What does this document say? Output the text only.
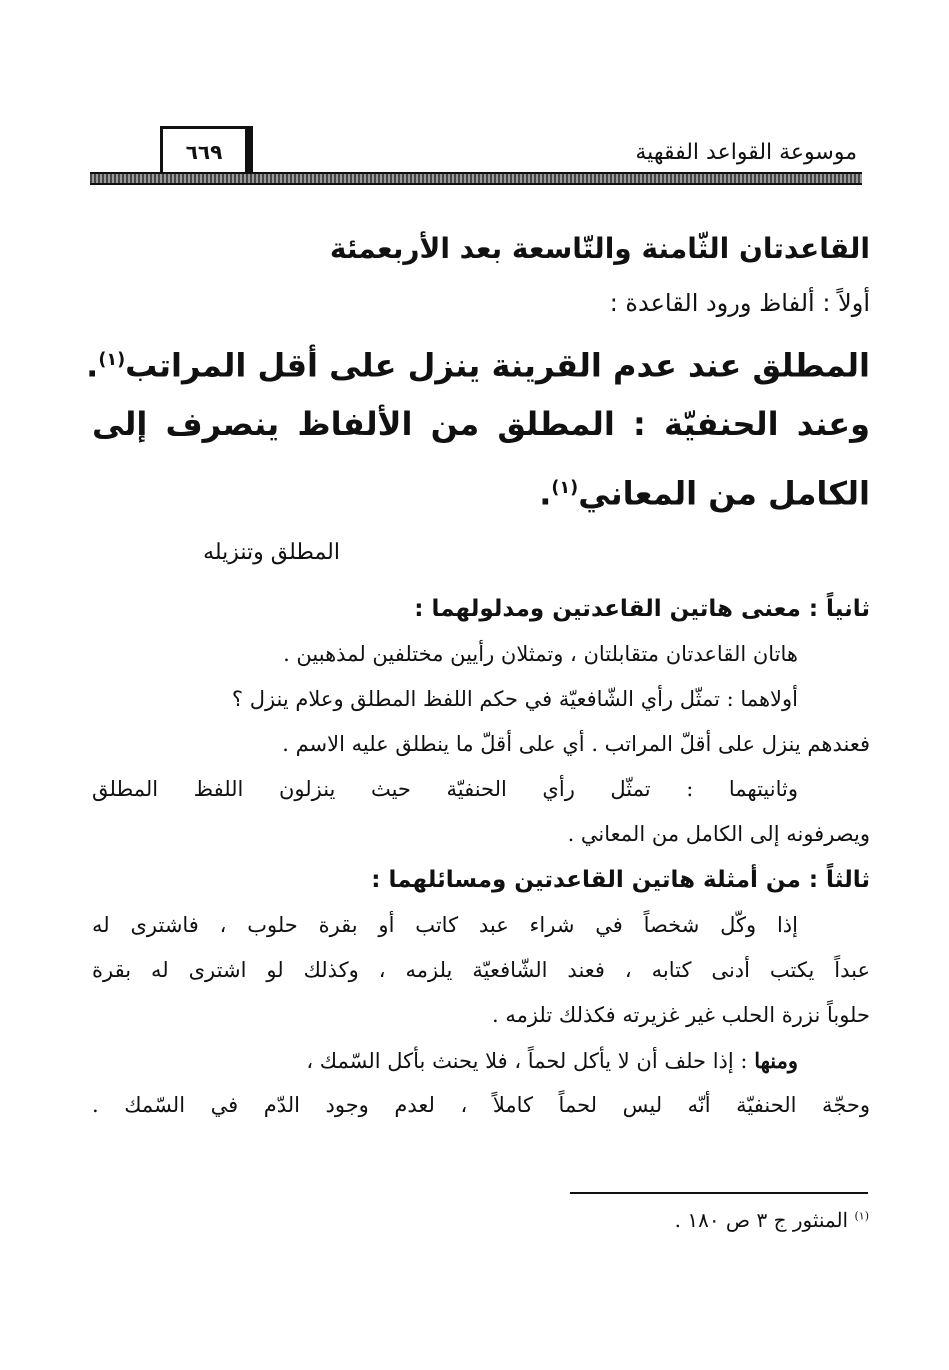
موسوعة القواعد الفقهية
٦٦٩
القاعدتان الثّامنة والتّاسعة بعد الأربعمئة
أولاً : ألفاظ ورود القاعدة :
المطلق عند عدم القرينة ينزل على أقل المراتب$^{(١)}$.
وعند الحنفيّة : المطلق من الألفاظ ينصرف إلى
الكامل من المعاني$^{(١)}$.
المطلق وتنزيله
ثانياً : معنى هاتين القاعدتين ومدلولهما :
هاتان القاعدتان متقابلتان ، وتمثلان رأيين مختلفين لمذهبين .
أولاهما : تمثّل رأي الشّافعيّة في حكم اللفظ المطلق وعلام ينزل ؟
فعندهم ينزل على أقلّ المراتب . أي على أقلّ ما ينطلق عليه الاسم .
وثانيتهما : تمثّل رأي الحنفيّة حيث ينزلون اللفظ المطلق
ويصرفونه إلى الكامل من المعاني .
ثالثاً : من أمثلة هاتين القاعدتين ومسائلهما :
إذا وكّل شخصاً في شراء عبد كاتب أو بقرة حلوب ، فاشترى له
عبداً يكتب أدنى كتابه ، فعند الشّافعيّة يلزمه ، وكذلك لو اشترى له بقرة
حلوباً نزرة الحلب غير غزيرته فكذلك تلزمه .
ومنها : إذا حلف أن لا يأكل لحماً ، فلا يحنث بأكل السّمك ،
وحجّة الحنفيّة أنّه ليس لحماً كاملاً ، لعدم وجود الدّم في السّمك .
$^{(١)}$ المنثور ج ٣ ص ١٨٠ .
